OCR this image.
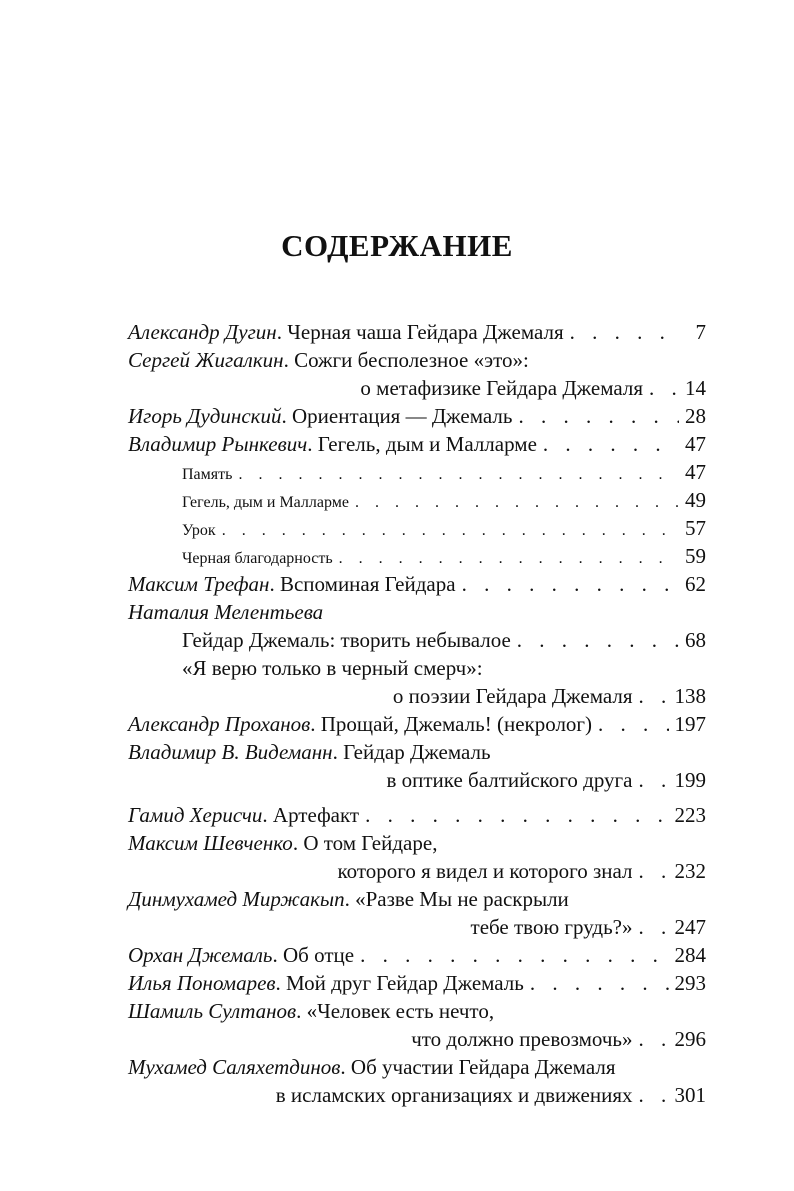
СОДЕРЖАНИЕ
Александр Дугин. Черная чаша Гейдара Джемаля . . .	7
Сергей Жигалкин. Сожги бесполезное «это»:
о метафизике Гейдара Джемаля . . . 14
Игорь Дудинский. Ориентация — Джемаль . . .	28
Владимир Рынкевич. Гегель, дым и Малларме . . .	47
Память . . .	47
Гегель, дым и Малларме . . .	49
Урок . . .	57
Черная благодарность . . .	59
Максим Трефан. Вспоминая Гейдара . . .	62
Наталия Мелентьева
Гейдар Джемаль: творить небывалое . . .	68
«Я верю только в черный смерч»:
о поэзии Гейдара Джемаля . . . 138
Александр Проханов. Прощай, Джемаль! (некролог) . . .	197
Владимир В. Видеманн. Гейдар Джемаль
в оптике балтийского друга . . . 199
Гамид Херисчи. Артефакт . . .	223
Максим Шевченко. О том Гейдаре,
которого я видел и которого знал . . . 232
Динмухамед Миржакып. «Разве Мы не раскрыли
тебе твою грудь?» . . . 247
Орхан Джемаль. Об отце . . .	284
Илья Пономарев. Мой друг Гейдар Джемаль . . .	293
Шамиль Султанов. «Человек есть нечто,
что должно превозмочь» . . . 296
Мухамед Саляхетдинов. Об участии Гейдара Джемаля
в исламских организациях и движениях . . . 301
